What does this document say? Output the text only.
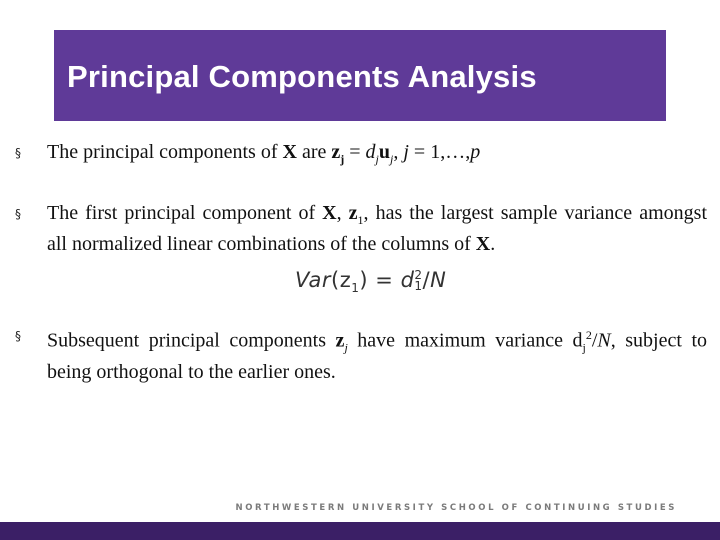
Principal Components Analysis
§	The principal components of X are $z_j = d_ju_j$, j = 1,…,p
§	The first principal component of X, $z_1$, has the largest sample variance amongst all normalized linear combinations of the columns of X.
$Var(z_1) = d$ 2
1 /N
§	Subsequent principal components $z_j$ have maximum variance $d_j^2/N$, subject to being orthogonal to the earlier ones.
NORTHWESTERN UNIVERSITY SCHOOL OF CONTINUING STUDIES
